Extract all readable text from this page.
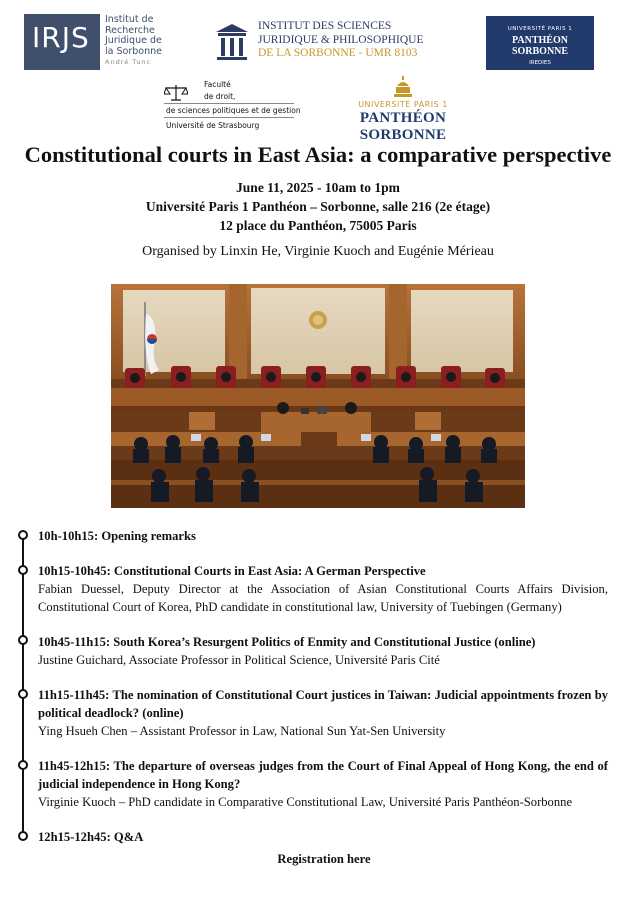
IRJS
Institut de
Recherche
Juridique de
la Sorbonne
André Tunc
INSTITUT DES SCIENCES
JURIDIQUE & PHILOSOPHIQUE
DE LA SORBONNE - UMR 8103
UNIVERSITÉ PARIS 1
PANTHÉON SORBONNE
IREDIES
Faculté
de droit,
de sciences politiques et de gestion
Université de Strasbourg
UNIVERSITÉ PARIS 1
PANTHÉON SORBONNE
Constitutional courts in East Asia: a comparative perspective
June 11, 2025 - 10am to 1pm
Université Paris 1 Panthéon – Sorbonne, salle 216 (2e étage)
12 place du Panthéon, 75005 Paris
Organised by Linxin He, Virginie Kuoch and Eugénie Mérieau
10h-10h15: Opening remarks
10h15-10h45: Constitutional Courts in East Asia: A German Perspective
Fabian Duessel, Deputy Director at the Association of Asian Constitutional Courts Affairs Division, Constitutional Court of Korea, PhD candidate in constitutional law, University of Tuebingen (Germany)
10h45-11h15: South Korea’s Resurgent Politics of Enmity and Constitutional Justice (online)
Justine Guichard, Associate Professor in Political Science, Université Paris Cité
11h15-11h45: The nomination of Constitutional Court justices in Taiwan: Judicial appointments frozen by political deadlock? (online)
Ying Hsueh Chen – Assistant Professor in Law, National Sun Yat-Sen University
11h45-12h15: The departure of overseas judges from the Court of Final Appeal of Hong Kong, the end of judicial independence in Hong Kong?
Virginie Kuoch – PhD candidate in Comparative Constitutional Law, Université Paris Panthéon-Sorbonne
12h15-12h45: Q&A
Registration here
